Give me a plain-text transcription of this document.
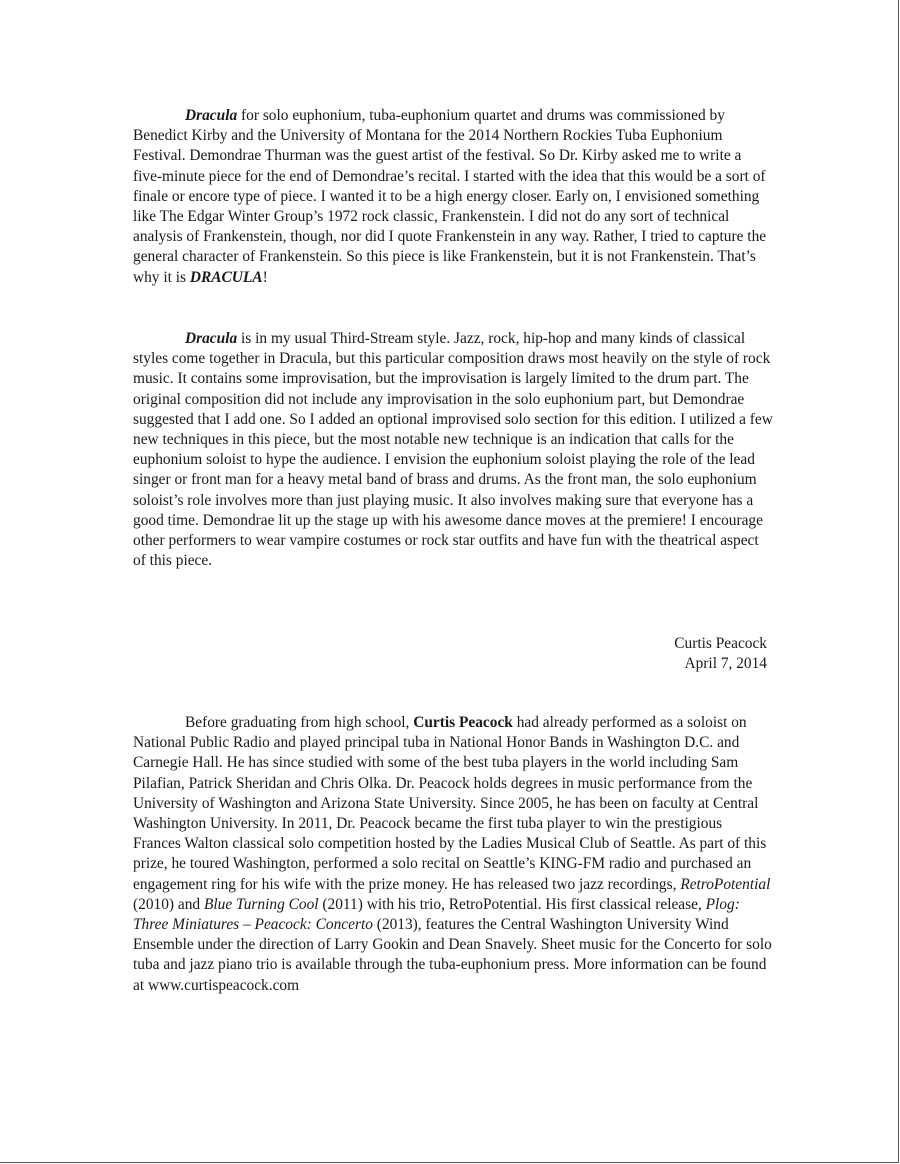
Dracula for solo euphonium, tuba-euphonium quartet and drums was commissioned by Benedict Kirby and the University of Montana for the 2014 Northern Rockies Tuba Euphonium Festival. Demondrae Thurman was the guest artist of the festival. So Dr. Kirby asked me to write a five-minute piece for the end of Demondrae’s recital. I started with the idea that this would be a sort of finale or encore type of piece. I wanted it to be a high energy closer. Early on, I envisioned something like The Edgar Winter Group’s 1972 rock classic, Frankenstein. I did not do any sort of technical analysis of Frankenstein, though, nor did I quote Frankenstein in any way. Rather, I tried to capture the general character of Frankenstein. So this piece is like Frankenstein, but it is not Frankenstein. That’s why it is DRACULA!

Dracula is in my usual Third-Stream style. Jazz, rock, hip-hop and many kinds of classical styles come together in Dracula, but this particular composition draws most heavily on the style of rock music. It contains some improvisation, but the improvisation is largely limited to the drum part. The original composition did not include any improvisation in the solo euphonium part, but Demondrae suggested that I add one. So I added an optional improvised solo section for this edition. I utilized a few new techniques in this piece, but the most notable new technique is an indication that calls for the euphonium soloist to hype the audience. I envision the euphonium soloist playing the role of the lead singer or front man for a heavy metal band of brass and drums. As the front man, the solo euphonium soloist’s role involves more than just playing music. It also involves making sure that everyone has a good time. Demondrae lit up the stage up with his awesome dance moves at the premiere! I encourage other performers to wear vampire costumes or rock star outfits and have fun with the theatrical aspect of this piece.

Curtis Peacock
April 7, 2014

Before graduating from high school, Curtis Peacock had already performed as a soloist on National Public Radio and played principal tuba in National Honor Bands in Washington D.C. and Carnegie Hall. He has since studied with some of the best tuba players in the world including Sam Pilafian, Patrick Sheridan and Chris Olka. Dr. Peacock holds degrees in music performance from the University of Washington and Arizona State University. Since 2005, he has been on faculty at Central Washington University. In 2011, Dr. Peacock became the first tuba player to win the prestigious Frances Walton classical solo competition hosted by the Ladies Musical Club of Seattle. As part of this prize, he toured Washington, performed a solo recital on Seattle’s KING-FM radio and purchased an engagement ring for his wife with the prize money. He has released two jazz recordings, RetroPotential (2010) and Blue Turning Cool (2011) with his trio, RetroPotential. His first classical release, Plog: Three Miniatures – Peacock: Concerto (2013), features the Central Washington University Wind Ensemble under the direction of Larry Gookin and Dean Snavely. Sheet music for the Concerto for solo tuba and jazz piano trio is available through the tuba-euphonium press. More information can be found at www.curtispeacock.com
